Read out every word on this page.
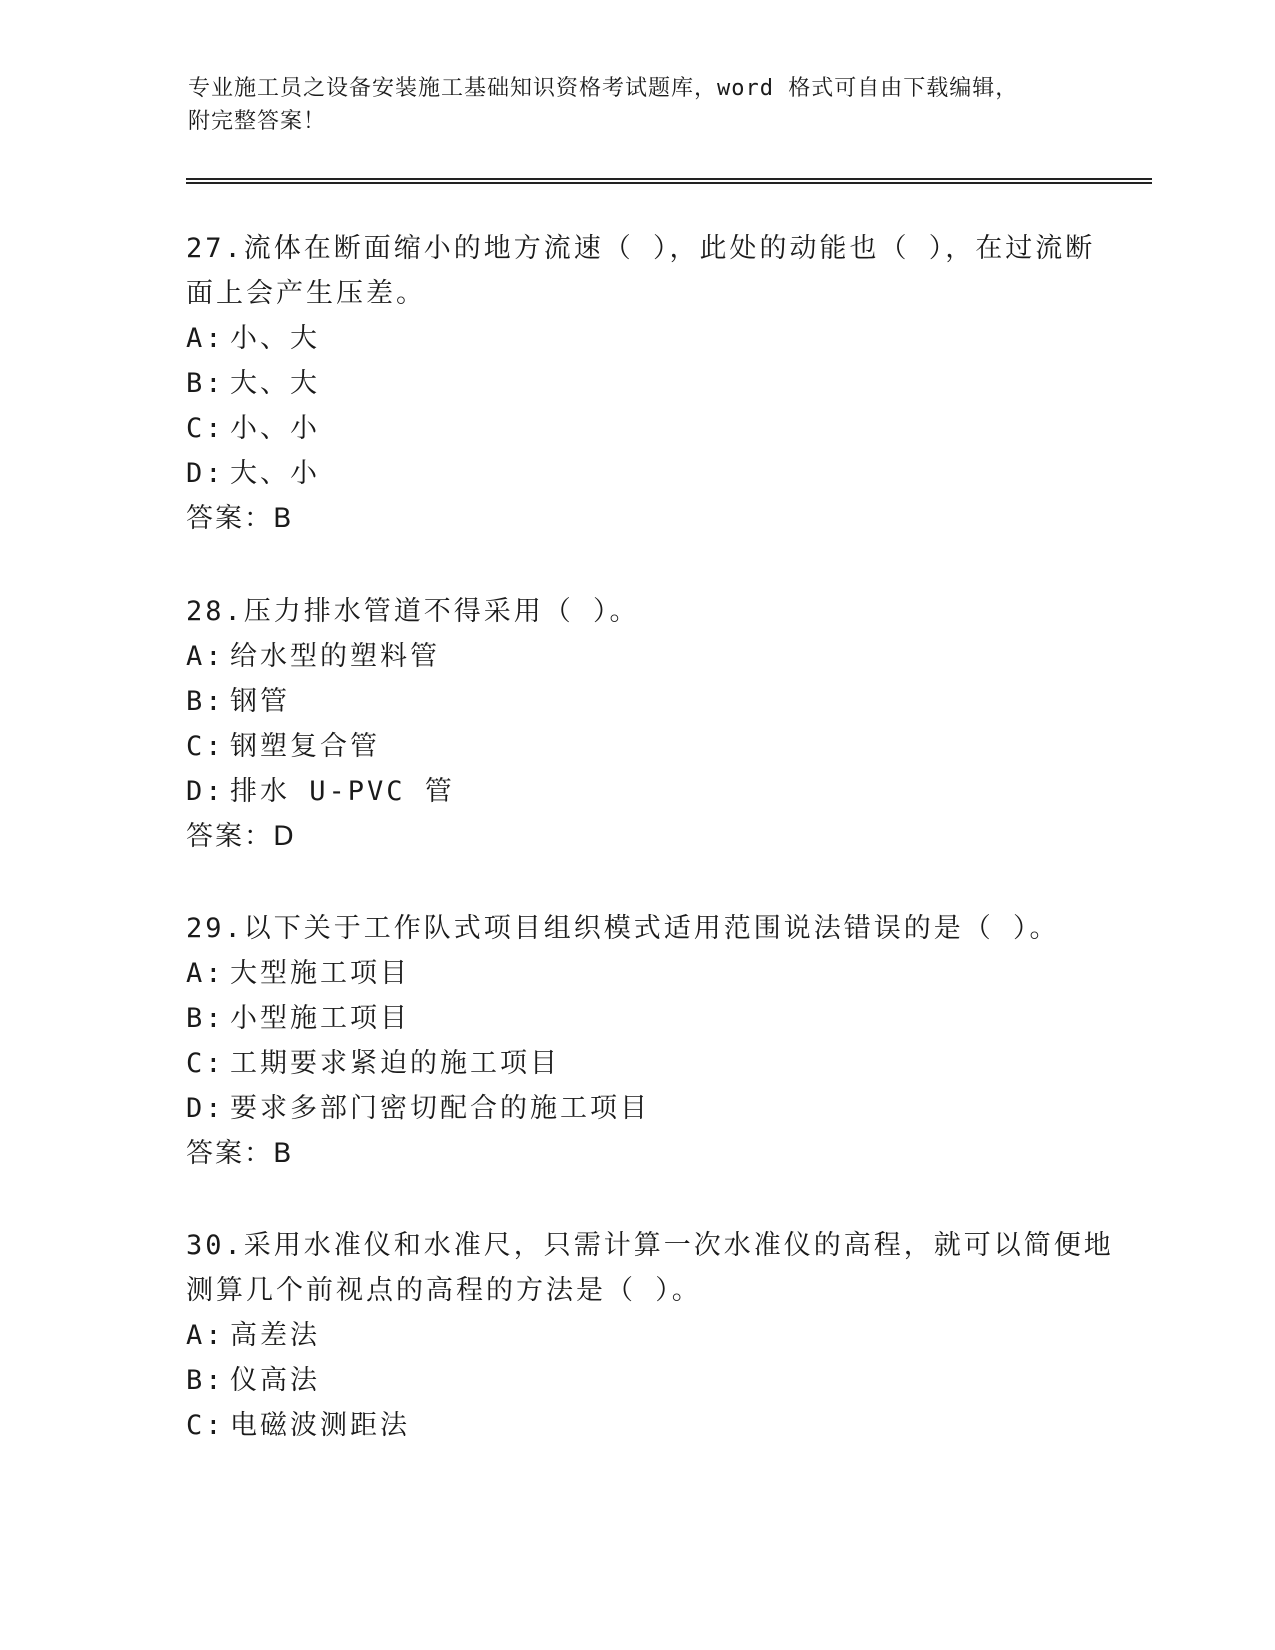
专业施工员之设备安装施工基础知识资格考试题库，word 格式可自由下载编辑，
附完整答案！
27.流体在断面缩小的地方流速（ ），此处的动能也（ ），在过流断
面上会产生压差。
A: 小、大
B: 大、大
C: 小、小
D: 大、小
答案：B
28.压力排水管道不得采用（ ）。
A: 给水型的塑料管
B: 钢管
C: 钢塑复合管
D: 排水 U-PVC 管
答案：D
29.以下关于工作队式项目组织模式适用范围说法错误的是（ ）。
A: 大型施工项目
B: 小型施工项目
C: 工期要求紧迫的施工项目
D: 要求多部门密切配合的施工项目
答案：B
30.采用水准仪和水准尺，只需计算一次水准仪的高程，就可以简便地
测算几个前视点的高程的方法是（ ）。
A: 高差法
B: 仪高法
C: 电磁波测距法
